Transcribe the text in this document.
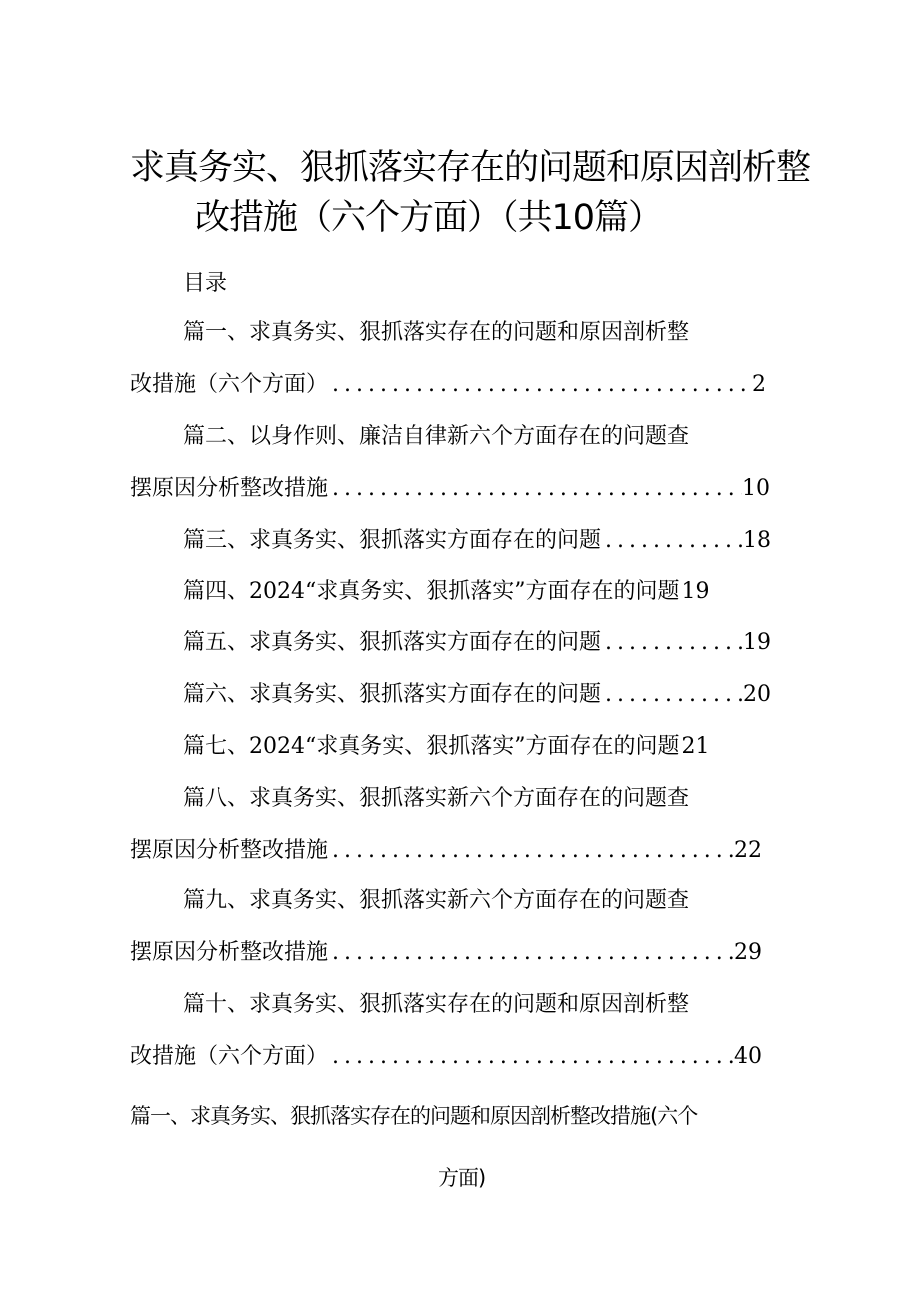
求真务实、狠抓落实存在的问题和原因剖析整
改措施（六个方面）（共10篇）
目录
篇一、求真务实、狠抓落实存在的问题和原因剖析整
改措施（六个方面） .....	2
篇二、以身作则、廉洁自律新六个方面存在的问题查
摆原因分析整改措施 .....	10
篇三、求真务实、狠抓落实方面存在的问题 .....	18
篇四、2024“求真务实、狠抓落实”方面存在的问题 19
篇五、求真务实、狠抓落实方面存在的问题 .....	19
篇六、求真务实、狠抓落实方面存在的问题 .....	20
篇七、2024“求真务实、狠抓落实”方面存在的问题 21
篇八、求真务实、狠抓落实新六个方面存在的问题查
摆原因分析整改措施 .....	22
篇九、求真务实、狠抓落实新六个方面存在的问题查
摆原因分析整改措施 .....	29
篇十、求真务实、狠抓落实存在的问题和原因剖析整
改措施（六个方面） .....	40
篇一、求真务实、狠抓落实存在的问题和原因剖析整改措施(六个
方面)
